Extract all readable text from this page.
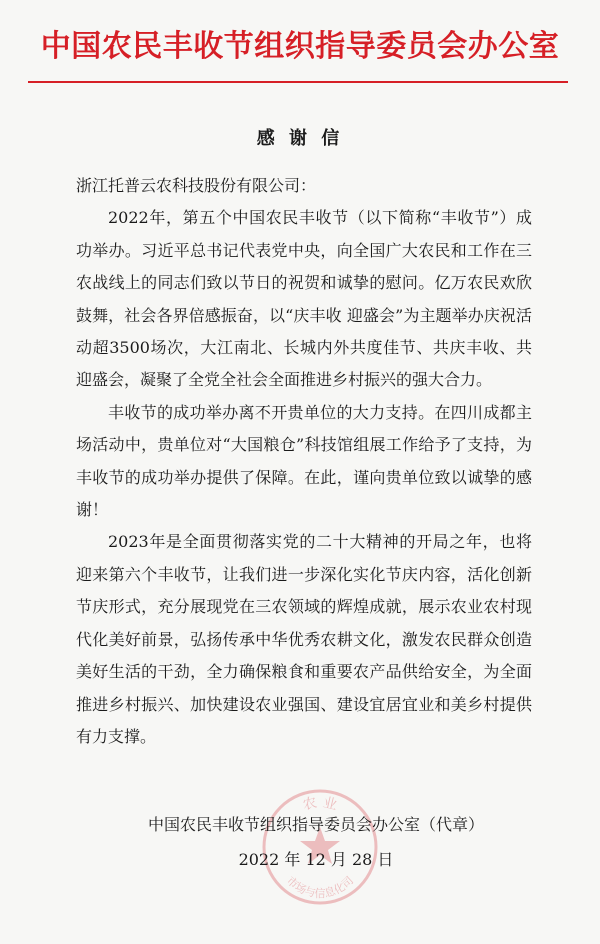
中国农民丰收节组织指导委员会办公室
感 谢 信

浙江托普云农科技股份有限公司：

2022年，第五个中国农民丰收节（以下简称“丰收节”）成功举办。习近平总书记代表党中央，向全国广大农民和工作在三农战线上的同志们致以节日的祝贺和诚挚的慰问。亿万农民欢欣鼓舞，社会各界倍感振奋，以“庆丰收 迎盛会”为主题举办庆祝活动超3500场次，大江南北、长城内外共度佳节、共庆丰收、共迎盛会，凝聚了全党全社会全面推进乡村振兴的强大合力。

丰收节的成功举办离不开贵单位的大力支持。在四川成都主场活动中，贵单位对“大国粮仓”科技馆组展工作给予了支持，为丰收节的成功举办提供了保障。在此，谨向贵单位致以诚挚的感谢！

2023年是全面贯彻落实党的二十大精神的开局之年，也将迎来第六个丰收节，让我们进一步深化实化节庆内容，活化创新节庆形式，充分展现党在三农领域的辉煌成就，展示农业农村现代化美好前景，弘扬传承中华优秀农耕文化，激发农民群众创造美好生活的干劲，全力确保粮食和重要农产品供给安全，为全面推进乡村振兴、加快建设农业强国、建设宜居宜业和美乡村提供有力支撑。

农 业
市场与信息化司
中国农民丰收节组织指导委员会办公室（代章）
2022 年 12 月 28 日
